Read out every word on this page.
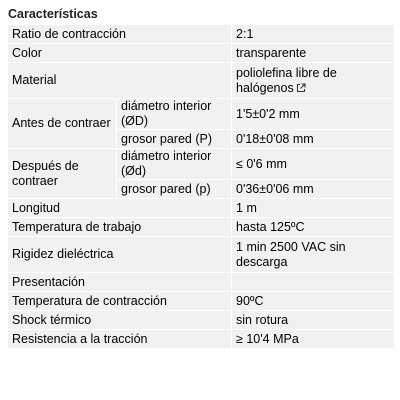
Características
Ratio de contracción		2:1
Color		transparente
Material		poliolefina libre de halógenos
Antes de contraer	diámetro interior (ØD)	1'5±0'2 mm
	grosor pared (P)	0'18±0'08 mm
Después de contraer	diámetro interior (Ød)	≤ 0'6 mm
	grosor pared (p)	0'36±0'06 mm
Longitud		1 m
Temperatura de trabajo		hasta 125ºC
Rigidez dieléctrica		1 min 2500 VAC sin descarga
Presentación		
Temperatura de contracción		90ºC
Shock térmico		sin rotura
Resistencia a la tracción		≥ 10'4 MPa
